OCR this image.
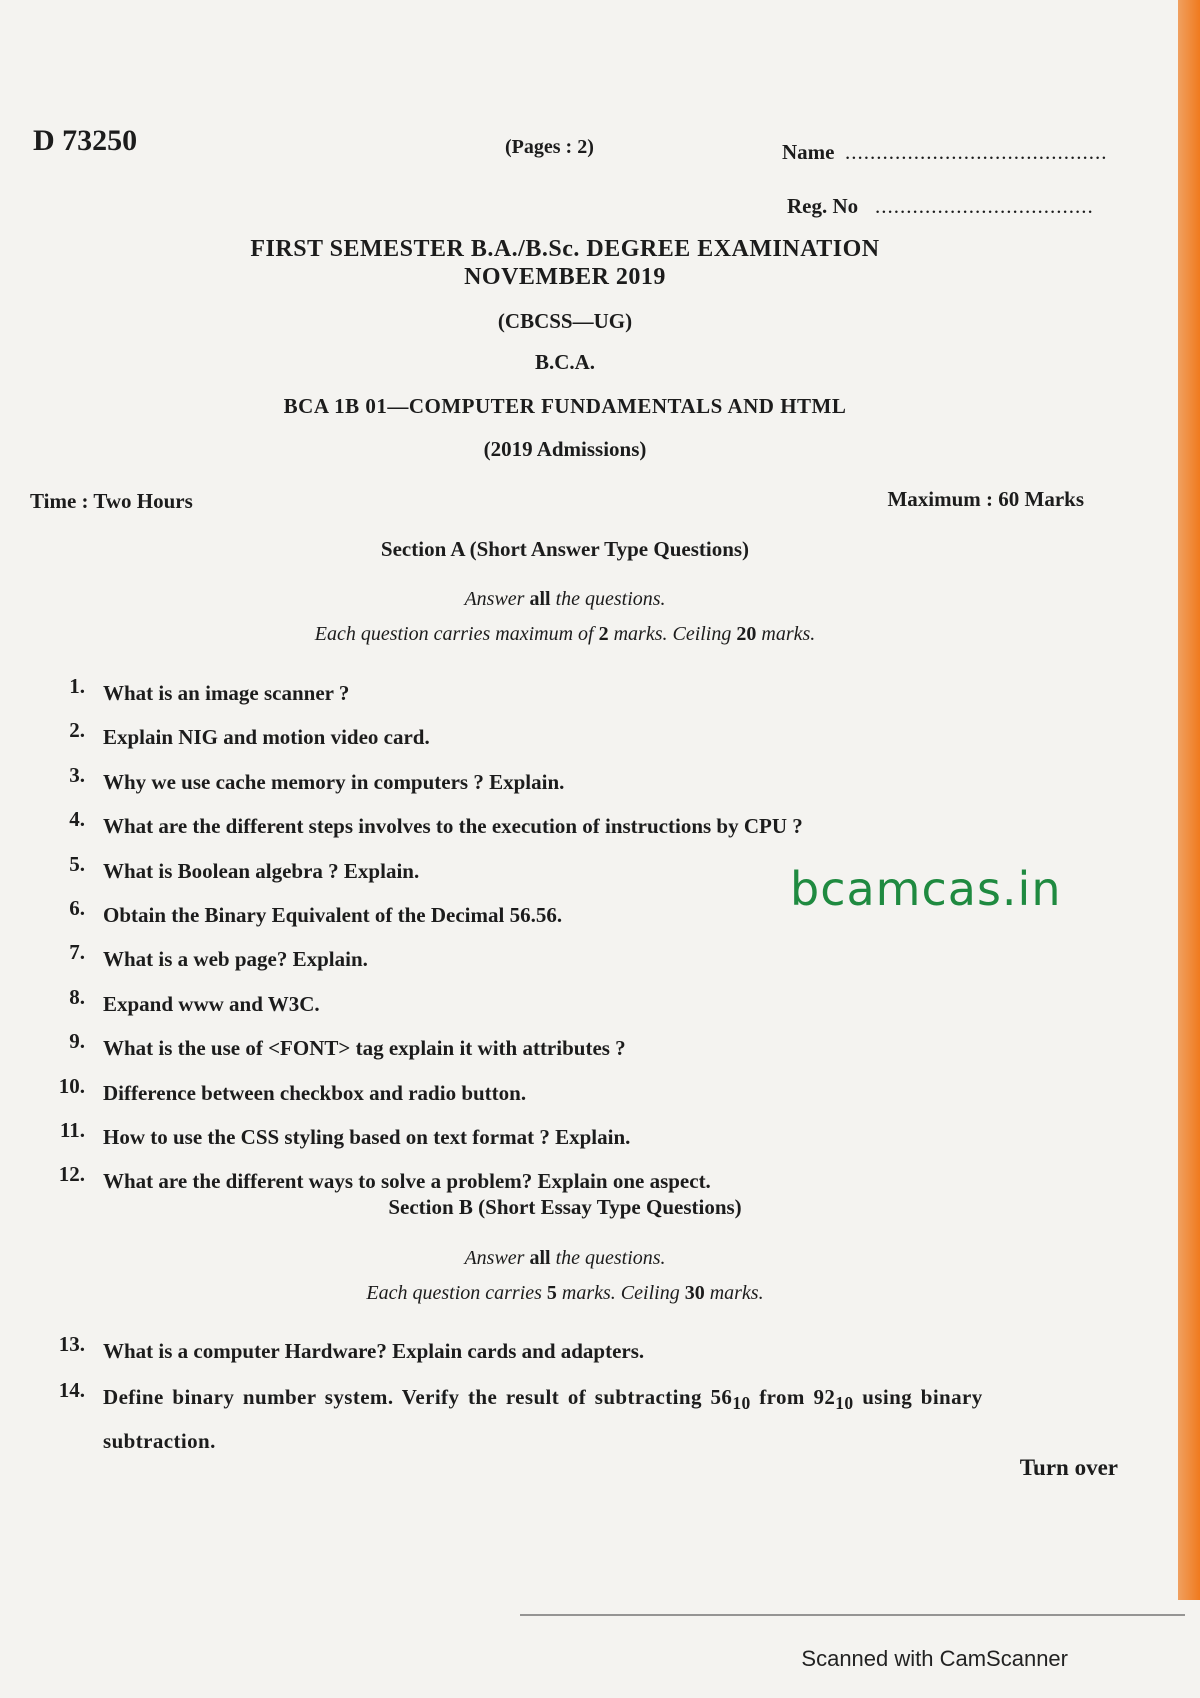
D 73250	(Pages : 2)	Name ..........................................
Reg. No ...................................
FIRST SEMESTER B.A./B.Sc. DEGREE EXAMINATION
NOVEMBER 2019
(CBCSS—UG)
B.C.A.
BCA 1B 01—COMPUTER FUNDAMENTALS AND HTML
(2019 Admissions)
Time : Two Hours	Maximum : 60 Marks
Section A (Short Answer Type Questions)
Answer all the questions.
Each question carries maximum of 2 marks. Ceiling 20 marks.
1. What is an image scanner ?
2. Explain NIG and motion video card.
3. Why we use cache memory in computers ? Explain.
4. What are the different steps involves to the execution of instructions by CPU ?
5. What is Boolean algebra ? Explain.
6. Obtain the Binary Equivalent of the Decimal 56.56.
7. What is a web page? Explain.
8. Expand www and W3C.
9. What is the use of <FONT> tag explain it with attributes ?
10. Difference between checkbox and radio button.
11. How to use the CSS styling based on text format ? Explain.
12. What are the different ways to solve a problem? Explain one aspect.
Section B (Short Essay Type Questions)
Answer all the questions.
Each question carries 5 marks. Ceiling 30 marks.
13. What is a computer Hardware? Explain cards and adapters.
14. Define binary number system. Verify the result of subtracting $56_{10}$ from $92_{10}$ using binary
subtraction.
Turn over
bcamcas.in
Scanned with CamScanner
